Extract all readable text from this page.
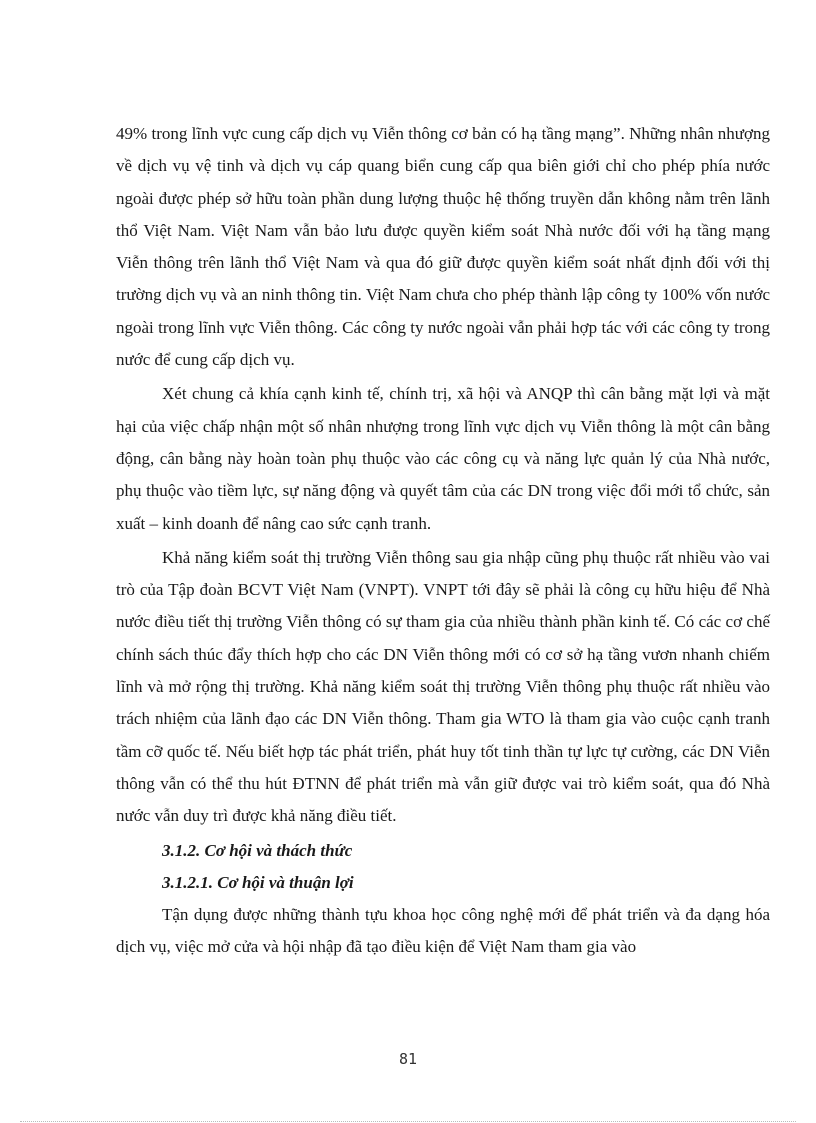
49% trong lĩnh vực cung cấp dịch vụ Viễn thông cơ bản có hạ tầng mạng”. Những nhân nhượng về dịch vụ vệ tinh và dịch vụ cáp quang biển cung cấp qua biên giới chỉ cho phép phía nước ngoài được phép sở hữu toàn phần dung lượng thuộc hệ thống truyền dẫn không nằm trên lãnh thổ Việt Nam. Việt Nam vẫn bảo lưu được quyền kiểm soát Nhà nước đối với hạ tầng mạng Viễn thông trên lãnh thổ Việt Nam và qua đó giữ được quyền kiểm soát nhất định đối với thị trường dịch vụ và an ninh thông tin. Việt Nam chưa cho phép thành lập công ty 100% vốn nước ngoài trong lĩnh vực Viễn thông. Các công ty nước ngoài vẫn phải hợp tác với các công ty trong nước để cung cấp dịch vụ.

Xét chung cả khía cạnh kinh tế, chính trị, xã hội và ANQP thì cân bằng mặt lợi và mặt hại của việc chấp nhận một số nhân nhượng trong lĩnh vực dịch vụ Viễn thông là một cân bằng động, cân bằng này hoàn toàn phụ thuộc vào các công cụ và năng lực quản lý của Nhà nước, phụ thuộc vào tiềm lực, sự năng động và quyết tâm của các DN trong việc đổi mới tổ chức, sản xuất – kinh doanh để nâng cao sức cạnh tranh.

Khả năng kiểm soát thị trường Viễn thông sau gia nhập cũng phụ thuộc rất nhiều vào vai trò của Tập đoàn BCVT Việt Nam (VNPT). VNPT tới đây sẽ phải là công cụ hữu hiệu để Nhà nước điều tiết thị trường Viễn thông có sự tham gia của nhiều thành phần kinh tế. Có các cơ chế chính sách thúc đẩy thích hợp cho các DN Viễn thông mới có cơ sở hạ tầng vươn nhanh chiếm lĩnh và mở rộng thị trường. Khả năng kiểm soát thị trường Viễn thông phụ thuộc rất nhiều vào trách nhiệm của lãnh đạo các DN Viễn thông. Tham gia WTO là tham gia vào cuộc cạnh tranh tầm cỡ quốc tế. Nếu biết hợp tác phát triển, phát huy tốt tinh thần tự lực tự cường, các DN Viễn thông vẫn có thể thu hút ĐTNN để phát triển mà vẫn giữ được vai trò kiểm soát, qua đó Nhà nước vẫn duy trì được khả năng điều tiết.

3.1.2. Cơ hội và thách thức

3.1.2.1. Cơ hội và thuận lợi

Tận dụng được những thành tựu khoa học công nghệ mới để phát triển và đa dạng hóa dịch vụ, việc mở cửa và hội nhập đã tạo điều kiện để Việt Nam tham gia vào

81
